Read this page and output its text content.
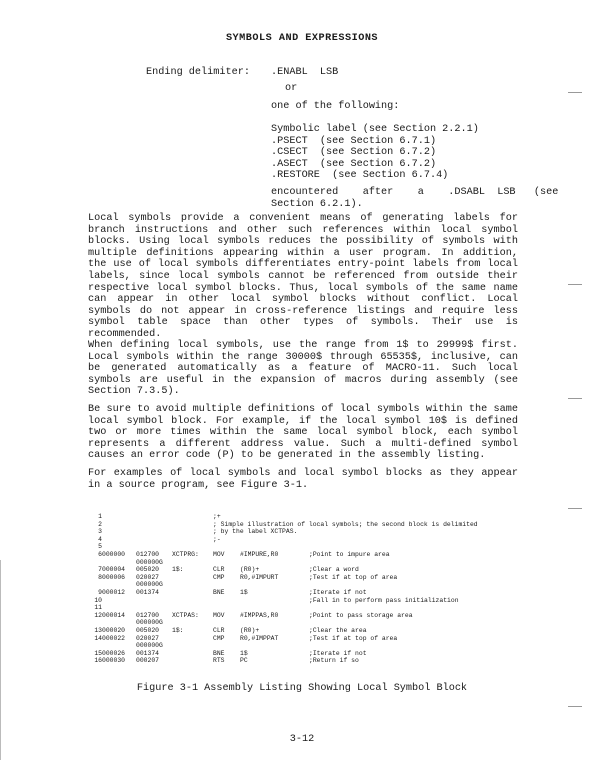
SYMBOLS AND EXPRESSIONS
Ending delimiter: .ENABL  LSB
or
one of the following:
Symbolic label (see Section 2.2.1)
.PSECT  (see Section 6.7.1)
.CSECT  (see Section 6.7.2)
.ASECT  (see Section 6.7.2)
.RESTORE  (see Section 6.7.4)
encountered    after    a    .DSABL  LSB   (see
Section 6.2.1).
Local symbols provide a convenient means of generating labels for
branch instructions and other such references within local symbol
blocks. Using local symbols reduces the possibility of symbols with
multiple definitions appearing within a user program. In addition,
the use of local symbols differentiates entry-point labels from local
labels, since local symbols cannot be referenced from outside their
respective local symbol blocks. Thus, local symbols of the same name
can appear in other local symbol blocks without conflict. Local
symbols do not appear in cross-reference listings and require less
symbol table space than other types of symbols. Their use is
recommended.
When defining local symbols, use the range from 1$ to 29999$ first.
Local symbols within the range 30000$ through 65535$, inclusive, can
be generated automatically as a feature of MACRO-11. Such local
symbols are useful in the expansion of macros during assembly (see
Section 7.3.5).
Be sure to avoid multiple definitions of local symbols within the same
local symbol block. For example, if the local symbol 10$ is defined
two or more times within the same local symbol block, each symbol
represents a different address value. Such a multi-defined symbol
causes an error code (P) to be generated in the assembly listing.
For examples of local symbols and local symbol blocks as they appear
in a source program, see Figure 3-1.
1	;+
2	; Simple illustration of local symbols; the second block is delimited
3	; by the label XCTPAS.
4	;-
5
6 000000 012700 XCTPRG: MOV #IMPURE,R0	;Point to impure area
000000G
7 000004 005020 1$:	CLR (R0)+	;Clear a word
8 000006 020027	CMP R0,#IMPURT	;Test if at top of area
000000G
9 000012 001374	BNE 1$	;Iterate if not
10	;Fall in to perform pass initialization
11
12 000014 012700 XCTPAS: MOV #IMPPAS,R0	;Point to pass storage area
000000G
13 000020 005020 1$:	CLR (R0)+	;Clear the area
14 000022 020027	CMP R0,#IMPPAT	;Test if at top of area
000000G
15 000026 001374	BNE 1$	;Iterate if not
16 000030 000207	RTS PC	;Return if so
Figure 3-1 Assembly Listing Showing Local Symbol Block
3-12
